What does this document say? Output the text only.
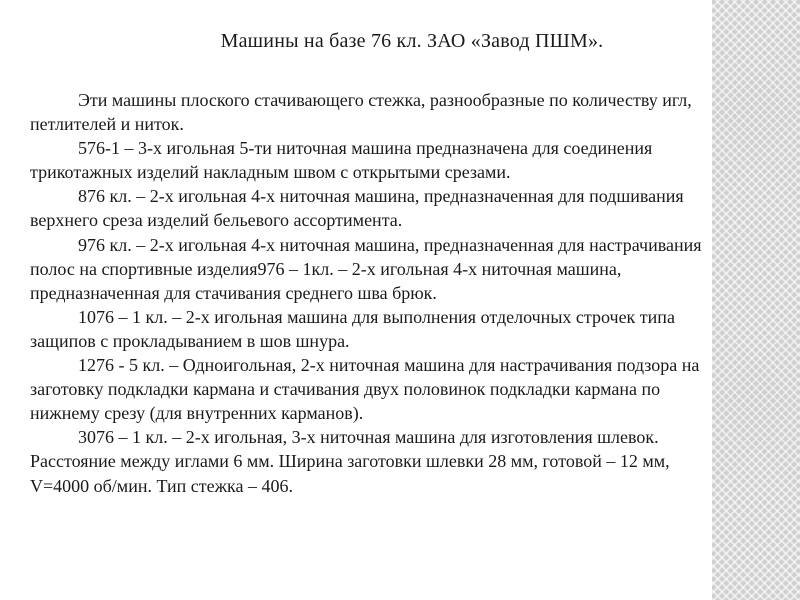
Машины на базе 76 кл. ЗАО «Завод ПШМ».

Эти машины плоского стачивающего стежка, разнообразные по количеству игл, петлителей и ниток.

576-1 – 3-х игольная 5-ти ниточная машина предназначена для соединения трикотажных изделий накладным швом с открытыми срезами.

876 кл. – 2-х игольная 4-х ниточная машина, предназначенная для подшивания верхнего среза изделий бельевого ассортимента.

976 кл. – 2-х игольная 4-х ниточная машина, предназначенная для настрачивания полос на спортивные изделия976 – 1кл. – 2-х игольная 4-х ниточная машина, предназначенная для стачивания среднего шва брюк.

1076 – 1 кл. – 2-х игольная машина для выполнения отделочных строчек типа защипов с прокладыванием в шов шнура.

1276 - 5 кл. – Одноигольная, 2-х ниточная машина для настрачивания подзора на заготовку подкладки кармана и стачивания двух половинок подкладки кармана по нижнему срезу (для внутренних карманов).

3076 – 1 кл. – 2-х игольная, 3-х ниточная машина для изготовления шлевок. Расстояние между иглами 6 мм. Ширина заготовки шлевки 28 мм, готовой – 12 мм, V=4000 об/мин. Тип стежка – 406.
